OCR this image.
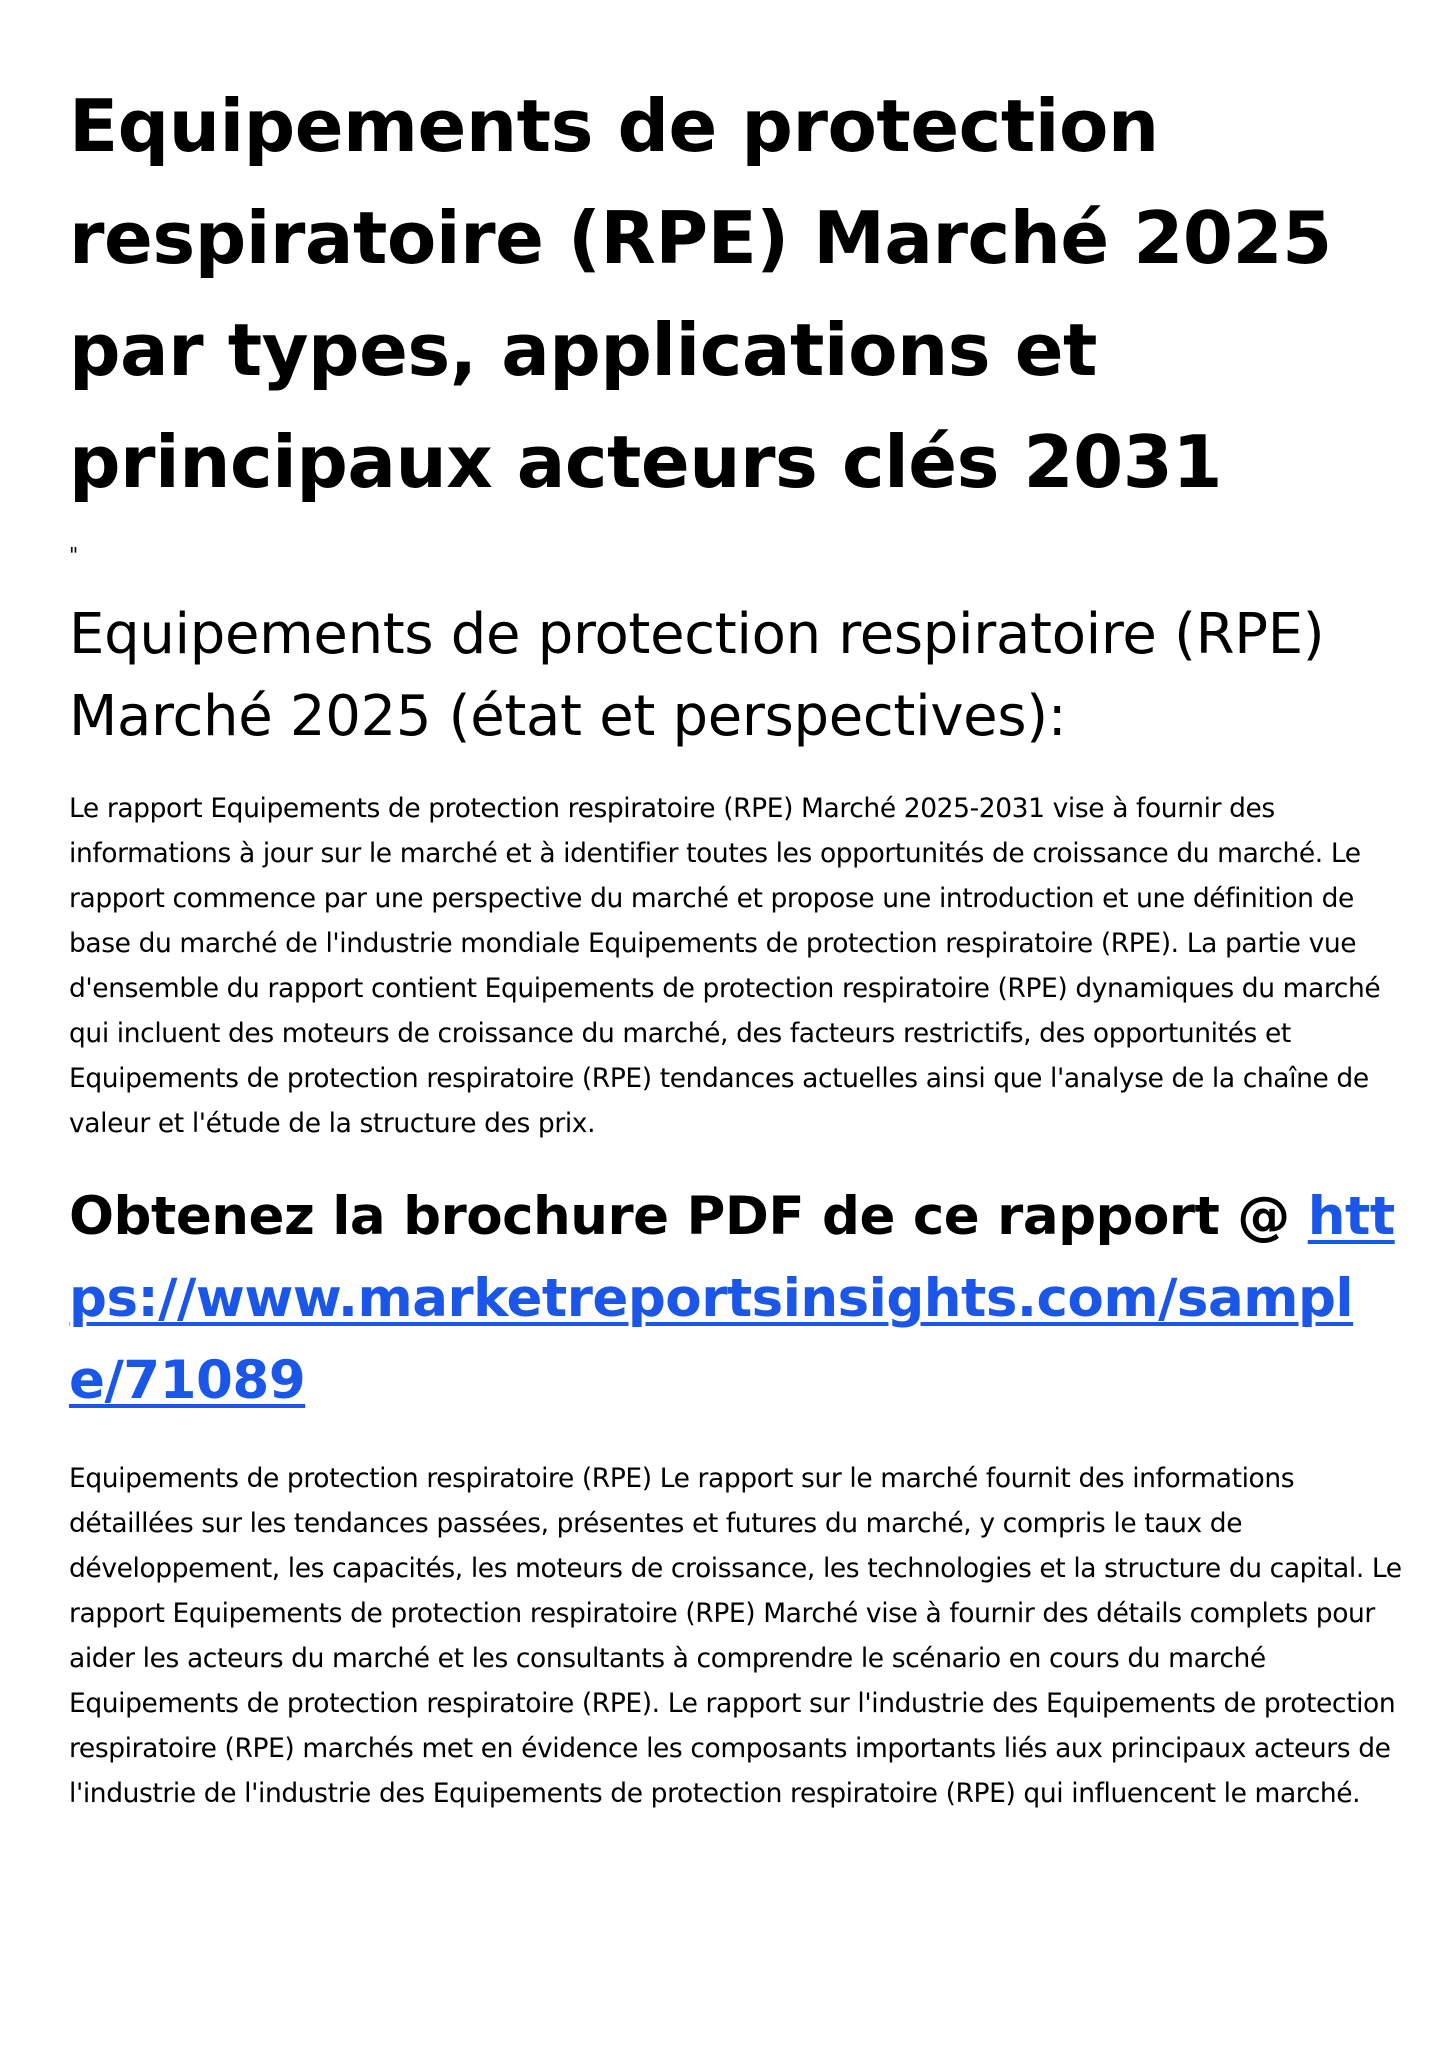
Equipements de protection respiratoire (RPE) Marché 2025 par types, applications et principaux acteurs clés 2031
"
Equipements de protection respiratoire (RPE) Marché 2025 (état et perspectives):

Le rapport Equipements de protection respiratoire (RPE) Marché 2025-2031 vise à fournir des informations à jour sur le marché et à identifier toutes les opportunités de croissance du marché. Le rapport commence par une perspective du marché et propose une introduction et une définition de base du marché de l'industrie mondiale Equipements de protection respiratoire (RPE). La partie vue d'ensemble du rapport contient Equipements de protection respiratoire (RPE) dynamiques du marché qui incluent des moteurs de croissance du marché, des facteurs restrictifs, des opportunités et Equipements de protection respiratoire (RPE) tendances actuelles ainsi que l'analyse de la chaîne de valeur et l'étude de la structure des prix.

Obtenez la brochure PDF de ce rapport @ https://www.marketreportsinsights.com/sample/71089

Equipements de protection respiratoire (RPE) Le rapport sur le marché fournit des informations détaillées sur les tendances passées, présentes et futures du marché, y compris le taux de développement, les capacités, les moteurs de croissance, les technologies et la structure du capital. Le rapport Equipements de protection respiratoire (RPE) Marché vise à fournir des détails complets pour aider les acteurs du marché et les consultants à comprendre le scénario en cours du marché Equipements de protection respiratoire (RPE). Le rapport sur l'industrie des Equipements de protection respiratoire (RPE) marchés met en évidence les composants importants liés aux principaux acteurs de l'industrie de l'industrie des Equipements de protection respiratoire (RPE) qui influencent le marché.
